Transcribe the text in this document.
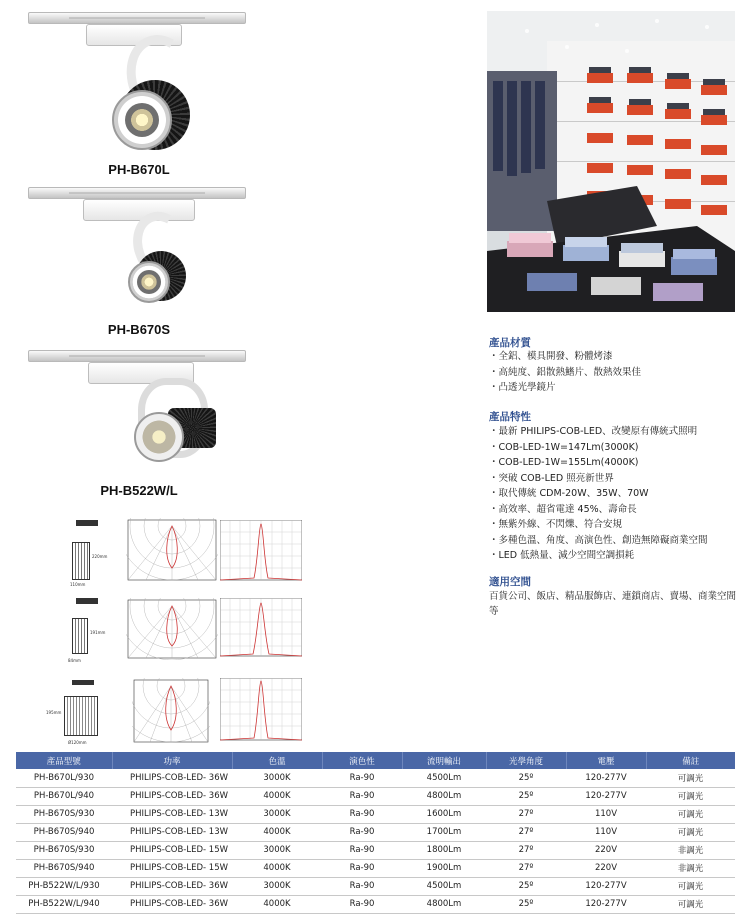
PH-B670L
PH-B670S
PH-B522W/L
110mm
220mm
84mm
191mm
Ø120mm
195mm
產品材質
・ 全鋁、模具開發、粉體烤漆
・ 高純度、鋁散熱鰭片、散熱效果佳
・ 凸透光學鏡片
產品特性
・ 最新 PHILIPS-COB-LED、改變原有傳統式照明
・ COB-LED-1W=147Lm(3000K)
・ COB-LED-1W=155Lm(4000K)
・ 突破 COB-LED 照亮新世界
・ 取代傳統 CDM-20W、35W、70W
・ 高效率、超省電達 45%、壽命長
・ 無紫外線、不閃爍、符合安規
・ 多種色溫、角度、高演色性、創造無障礙商業空間
・ LED 低熱量、減少空間空調損耗
適用空間
百貨公司、飯店、精品服飾店、連鎖商店、賣場、商業空間等
產品型號	功率	色溫	演色性	流明輸出	光學角度	電壓	備註
PH-B670L/930	PHILIPS-COB-LED- 36W	3000K	Ra-90	4500Lm	25º	120-277V	可調光
PH-B670L/940	PHILIPS-COB-LED- 36W	4000K	Ra-90	4800Lm	25º	120-277V	可調光
PH-B670S/930	PHILIPS-COB-LED- 13W	3000K	Ra-90	1600Lm	27º	110V	可調光
PH-B670S/940	PHILIPS-COB-LED- 13W	4000K	Ra-90	1700Lm	27º	110V	可調光
PH-B670S/930	PHILIPS-COB-LED- 15W	3000K	Ra-90	1800Lm	27º	220V	非調光
PH-B670S/940	PHILIPS-COB-LED- 15W	4000K	Ra-90	1900Lm	27º	220V	非調光
PH-B522W/L/930	PHILIPS-COB-LED- 36W	3000K	Ra-90	4500Lm	25º	120-277V	可調光
PH-B522W/L/940	PHILIPS-COB-LED- 36W	4000K	Ra-90	4800Lm	25º	120-277V	可調光
